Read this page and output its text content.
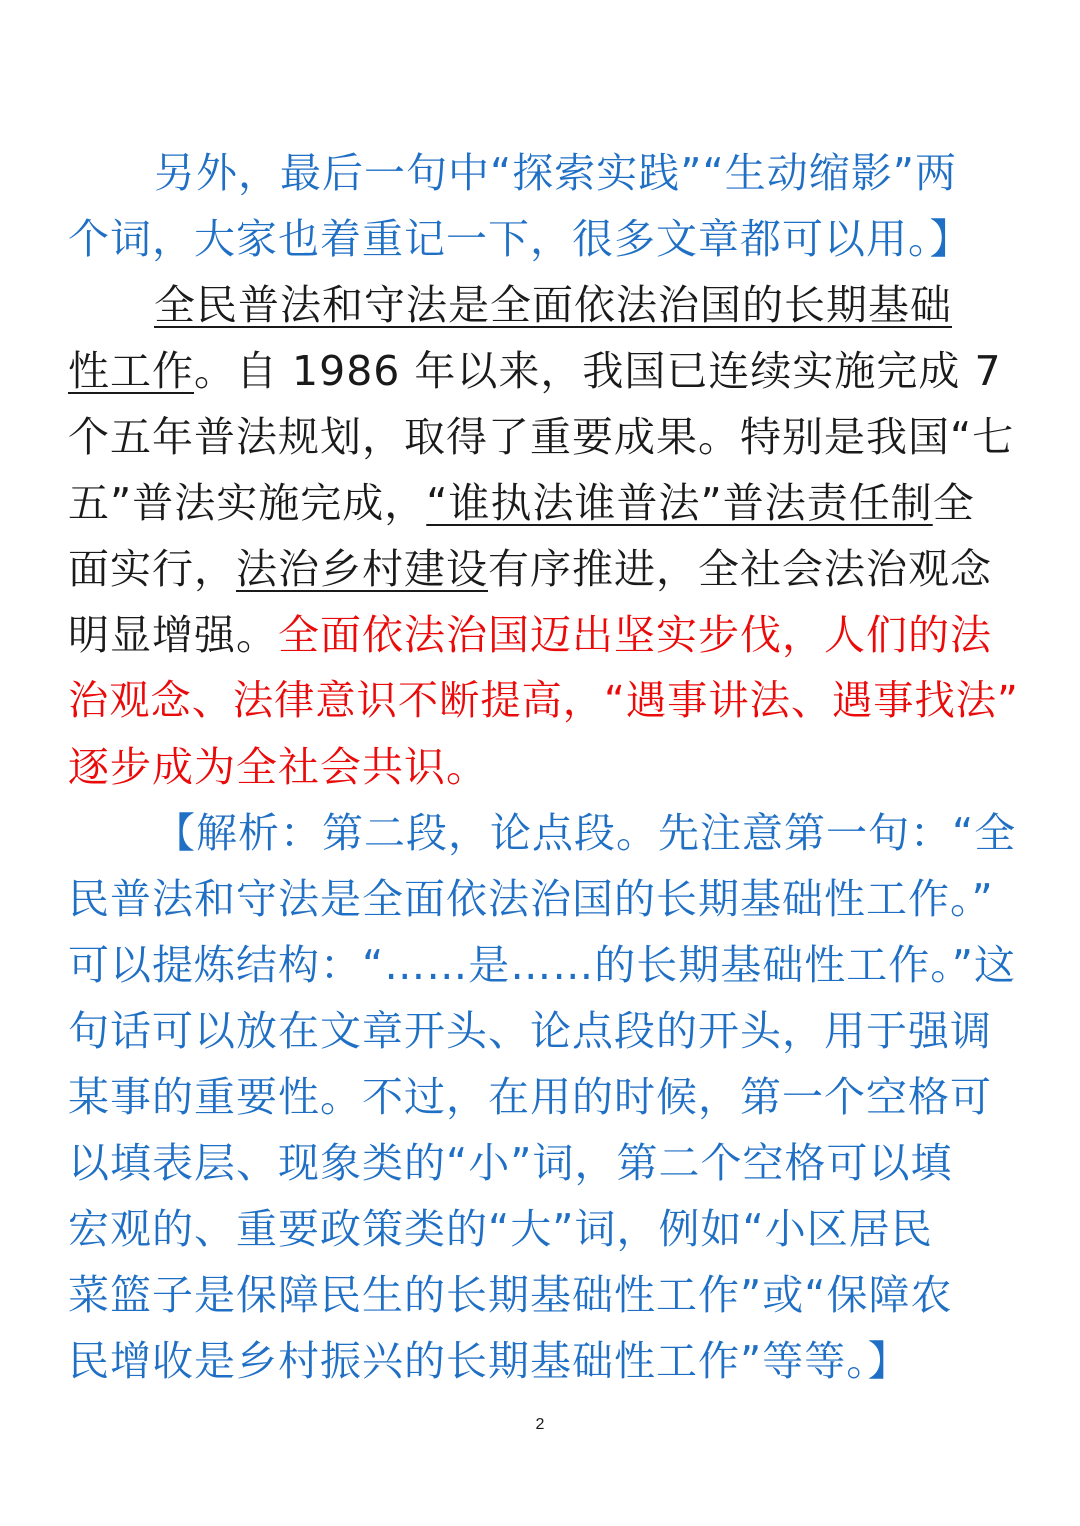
另外，最后一句中“探索实践”“生动缩影”两
个词，大家也着重记一下，很多文章都可以用。】
全民普法和守法是全面依法治国的长期基础
性工作。自 1986 年以来，我国已连续实施完成 7
个五年普法规划，取得了重要成果。特别是我国“七
五”普法实施完成，“谁执法谁普法”普法责任制全
面实行，法治乡村建设有序推进，全社会法治观念
明显增强。全面依法治国迈出坚实步伐，人们的法
治观念、法律意识不断提高，“遇事讲法、遇事找法”
逐步成为全社会共识。
【解析：第二段，论点段。先注意第一句：“全
民普法和守法是全面依法治国的长期基础性工作。”
可以提炼结构：“……是……的长期基础性工作。”这
句话可以放在文章开头、论点段的开头，用于强调
某事的重要性。不过，在用的时候，第一个空格可
以填表层、现象类的“小”词，第二个空格可以填
宏观的、重要政策类的“大”词，例如“小区居民
菜篮子是保障民生的长期基础性工作”或“保障农
民增收是乡村振兴的长期基础性工作”等等。】
2
